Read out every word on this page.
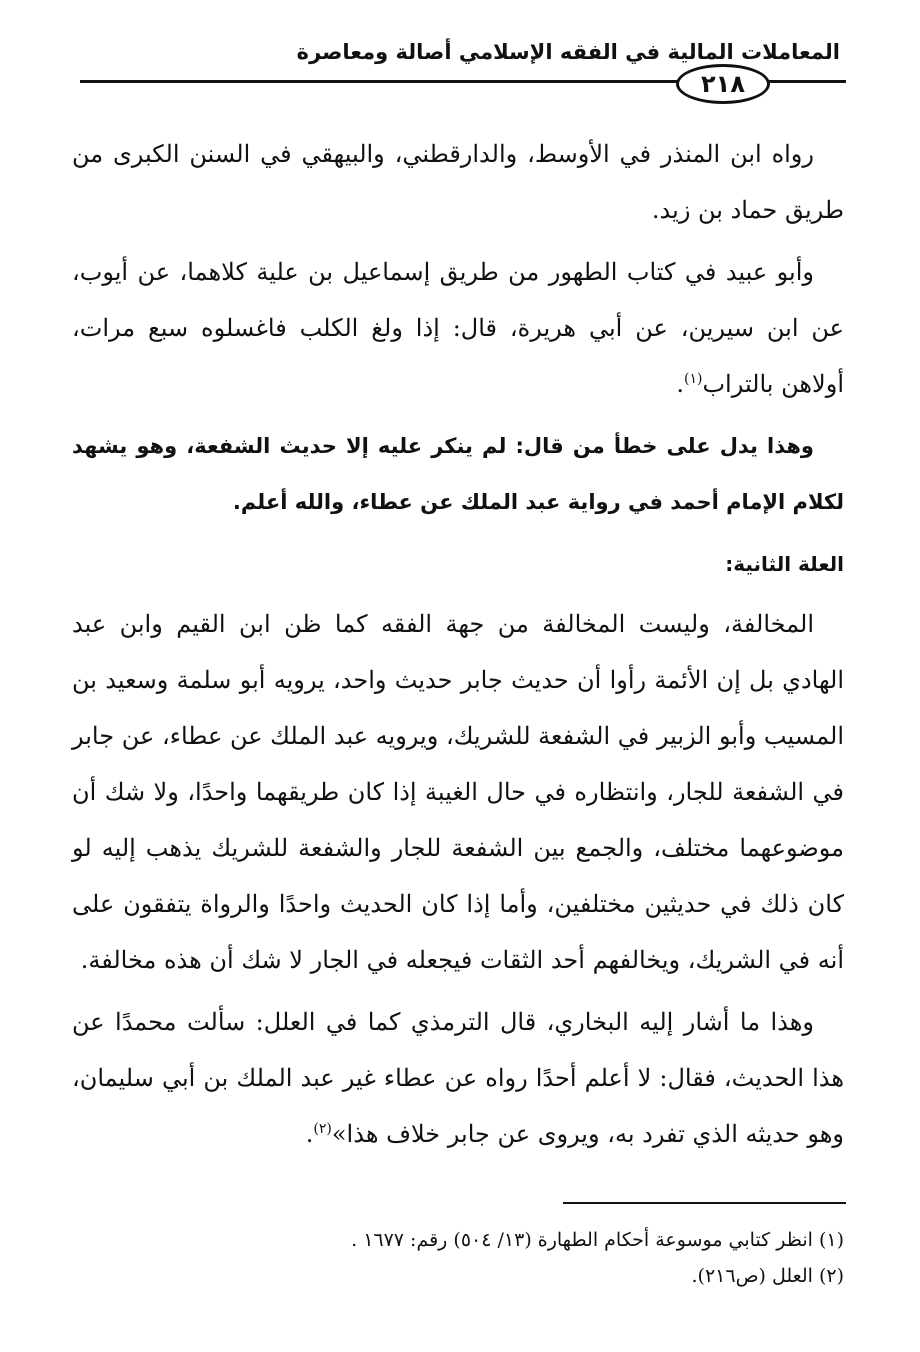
المعاملات المالية في الفقه الإسلامي أصالة ومعاصرة
٢١٨

رواه ابن المنذر في الأوسط، والدارقطني، والبيهقي في السنن الكبرى من طريق حماد بن زيد.

وأبو عبيد في كتاب الطهور من طريق إسماعيل بن علية كلاهما، عن أيوب، عن ابن سيرين، عن أبي هريرة، قال: إذا ولغ الكلب فاغسلوه سبع مرات، أولاهن بالتراب$^{(١)}$.

وهذا يدل على خطأ من قال: لم ينكر عليه إلا حديث الشفعة، وهو يشهد لكلام الإمام أحمد في رواية عبد الملك عن عطاء، والله أعلم.

العلة الثانية:

المخالفة، وليست المخالفة من جهة الفقه كما ظن ابن القيم وابن عبد الهادي بل إن الأئمة رأوا أن حديث جابر حديث واحد، يرويه أبو سلمة وسعيد بن المسيب وأبو الزبير في الشفعة للشريك، ويرويه عبد الملك عن عطاء، عن جابر في الشفعة للجار، وانتظاره في حال الغيبة إذا كان طريقهما واحدًا، ولا شك أن موضوعهما مختلف، والجمع بين الشفعة للجار والشفعة للشريك يذهب إليه لو كان ذلك في حديثين مختلفين، وأما إذا كان الحديث واحدًا والرواة يتفقون على أنه في الشريك، ويخالفهم أحد الثقات فيجعله في الجار لا شك أن هذه مخالفة.

وهذا ما أشار إليه البخاري، قال الترمذي كما في العلل: سألت محمدًا عن هذا الحديث، فقال: لا أعلم أحدًا رواه عن عطاء غير عبد الملك بن أبي سليمان، وهو حديثه الذي تفرد به، ويروى عن جابر خلاف هذا»$^{(٢)}$.

(١) انظر كتابي موسوعة أحكام الطهارة (١٣/ ٥٠٤) رقم: ١٦٧٧ .
(٢) العلل (ص٢١٦).
